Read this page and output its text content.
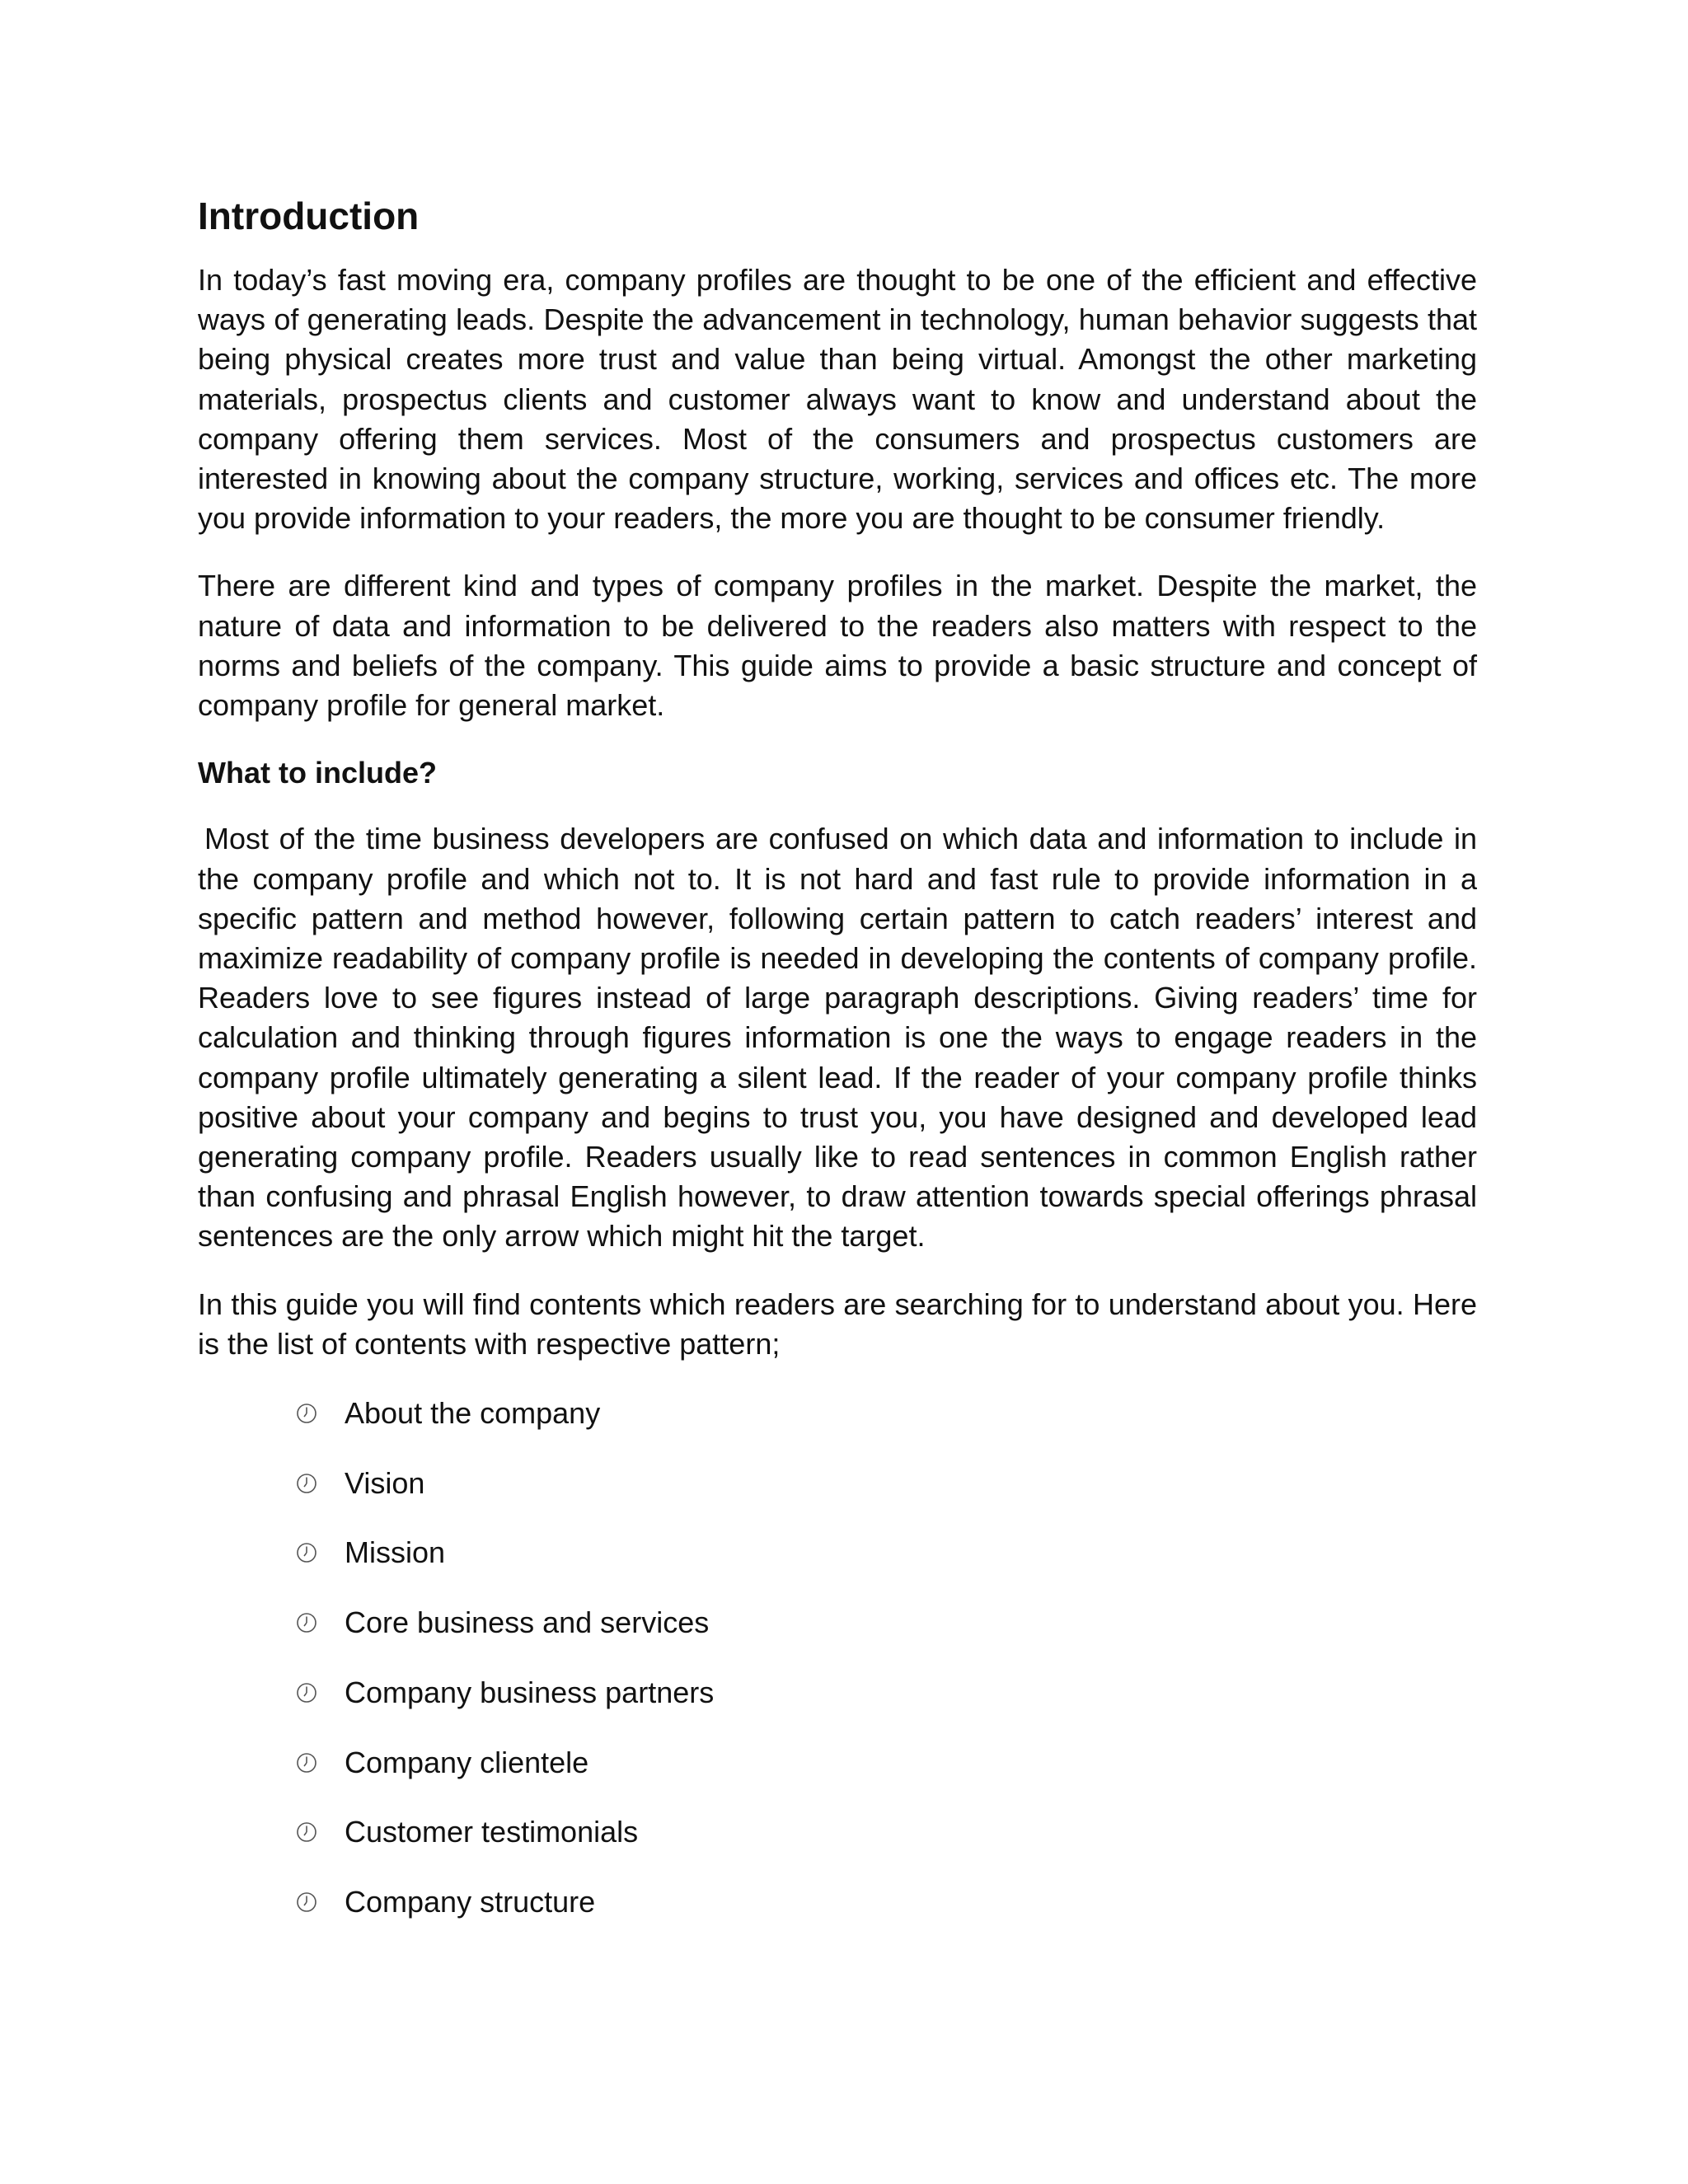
Introduction

In today’s fast moving era, company profiles are thought to be one of the efficient and effective ways of generating leads. Despite the advancement in technology, human behavior suggests that being physical creates more trust and value than being virtual. Amongst the other marketing materials, prospectus clients and customer always want to know and understand about the company offering them services. Most of the consumers and prospectus customers are interested in knowing about the company structure, working, services and offices etc. The more you provide information to your readers, the more you are thought to be consumer friendly.

There are different kind and types of company profiles in the market. Despite the market, the nature of data and information to be delivered to the readers also matters with respect to the norms and beliefs of the company. This guide aims to provide a basic structure and concept of company profile for general market.

What to include?

Most of the time business developers are confused on which data and information to include in the company profile and which not to. It is not hard and fast rule to provide information in a specific pattern and method however, following certain pattern to catch readers’ interest and maximize readability of company profile is needed in developing the contents of company profile. Readers love to see figures instead of large paragraph descriptions. Giving readers’ time for calculation and thinking through figures information is one the ways to engage readers in the company profile ultimately generating a silent lead. If the reader of your company profile thinks positive about your company and begins to trust you, you have designed and developed lead generating company profile. Readers usually like to read sentences in common English rather than confusing and phrasal English however, to draw attention towards special offerings phrasal sentences are the only arrow which might hit the target.

In this guide you will find contents which readers are searching for to understand about you. Here is the list of contents with respective pattern;

About the company
Vision
Mission
Core business and services
Company business partners
Company clientele
Customer testimonials
Company structure
